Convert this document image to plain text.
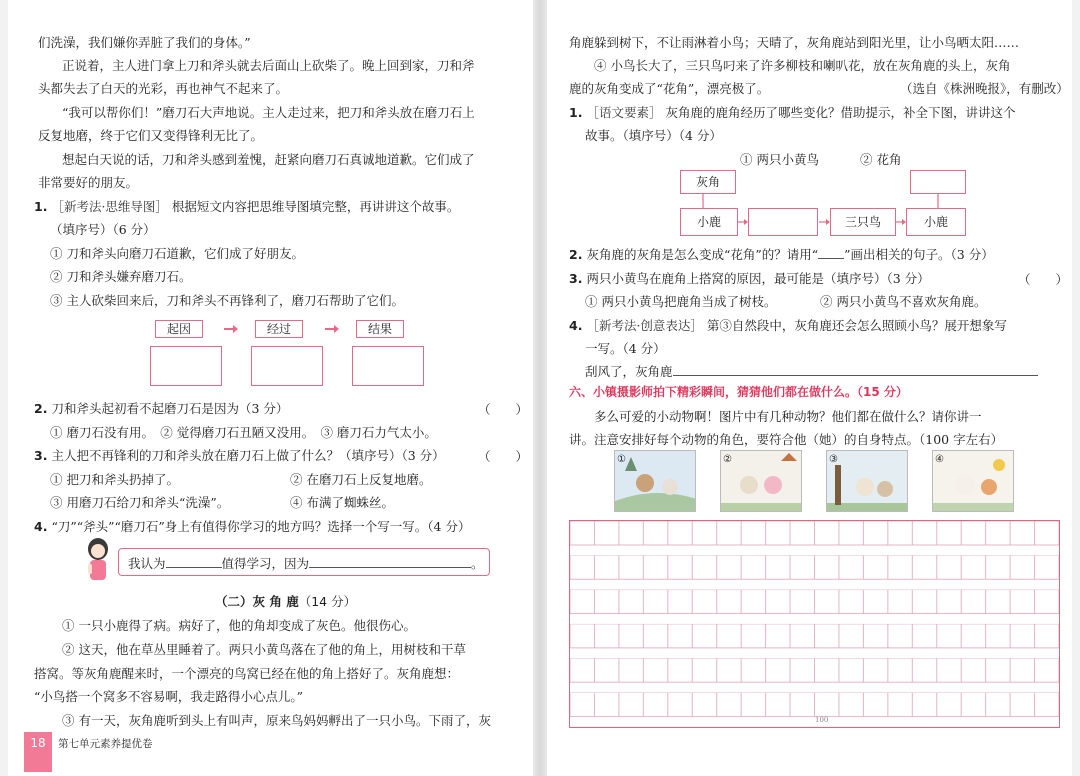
们洗澡，我们嫌你弄脏了我们的身体。”
正说着，主人进门拿上刀和斧头就去后面山上砍柴了。晚上回到家，刀和斧
头都失去了白天的光彩，再也神气不起来了。
“我可以帮你们！”磨刀石大声地说。主人走过来，把刀和斧头放在磨刀石上
反复地磨，终于它们又变得锋利无比了。
想起白天说的话，刀和斧头感到羞愧，赶紧向磨刀石真诚地道歉。它们成了
非常要好的朋友。
1. ［新考法·思维导图］ 根据短文内容把思维导图填完整，再讲讲这个故事。
（填序号）（6 分）
① 刀和斧头向磨刀石道歉，它们成了好朋友。
② 刀和斧头嫌弃磨刀石。
③ 主人砍柴回来后，刀和斧头不再锋利了，磨刀石帮助了它们。
起因	经过	结果
2. 刀和斧头起初看不起磨刀石是因为（3 分）	（　　）
① 磨刀石没有用。　② 觉得磨刀石丑陋又没用。　③ 磨刀石力气太小。
3. 主人把不再锋利的刀和斧头放在磨刀石上做了什么？（填序号）（3 分）	（　　）
① 把刀和斧头扔掉了。	② 在磨刀石上反复地磨。
③ 用磨刀石给刀和斧头“洗澡”。	④ 布满了蜘蛛丝。
4. “刀”“斧头”“磨刀石”身上有值得你学习的地方吗？选择一个写一写。（4 分）
我认为	值得学习，因为	。
（二）灰 角 鹿（14 分）
① 一只小鹿得了病。病好了，他的角却变成了灰色。他很伤心。
② 这天，他在草丛里睡着了。两只小黄鸟落在了他的角上，用树枝和干草
搭窝。等灰角鹿醒来时，一个漂亮的鸟窝已经在他的角上搭好了。灰角鹿想：
“小鸟搭一个窝多不容易啊，我走路得小心点儿。”
③ 有一天，灰角鹿听到头上有叫声，原来鸟妈妈孵出了一只小鸟。下雨了，灰
18	第七单元素养提优卷
角鹿躲到树下，不让雨淋着小鸟；天晴了，灰角鹿站到阳光里，让小鸟晒太阳……
④ 小鸟长大了，三只鸟叼来了许多柳枝和喇叭花，放在灰角鹿的头上，灰角
鹿的灰角变成了“花角”，漂亮极了。	（选自《株洲晚报》，有删改）
1. ［语文要素］ 灰角鹿的鹿角经历了哪些变化？借助提示，补全下图，讲讲这个
故事。（填序号）（4 分）
① 两只小黄鸟	② 花角
灰角
小鹿	三只鸟	小鹿
2. 灰角鹿的灰角是怎么变成“花角”的？请用“ ”画出相关的句子。（3 分）
3. 两只小黄鸟在鹿角上搭窝的原因，最可能是（填序号）（3 分）	（　　）
① 两只小黄鸟把鹿角当成了树枝。	② 两只小黄鸟不喜欢灰角鹿。
4. ［新考法·创意表达］ 第③自然段中，灰角鹿还会怎么照顾小鸟？展开想象写
一写。（4 分）
刮风了，灰角鹿
六、小镇摄影师拍下精彩瞬间，猜猜他们都在做什么。（15 分）
多么可爱的小动物啊！图片中有几种动物？他们都在做什么？请你讲一
讲。注意安排好每个动物的角色，要符合他（她）的自身特点。（100 字左右）
①	②	③	④
100
